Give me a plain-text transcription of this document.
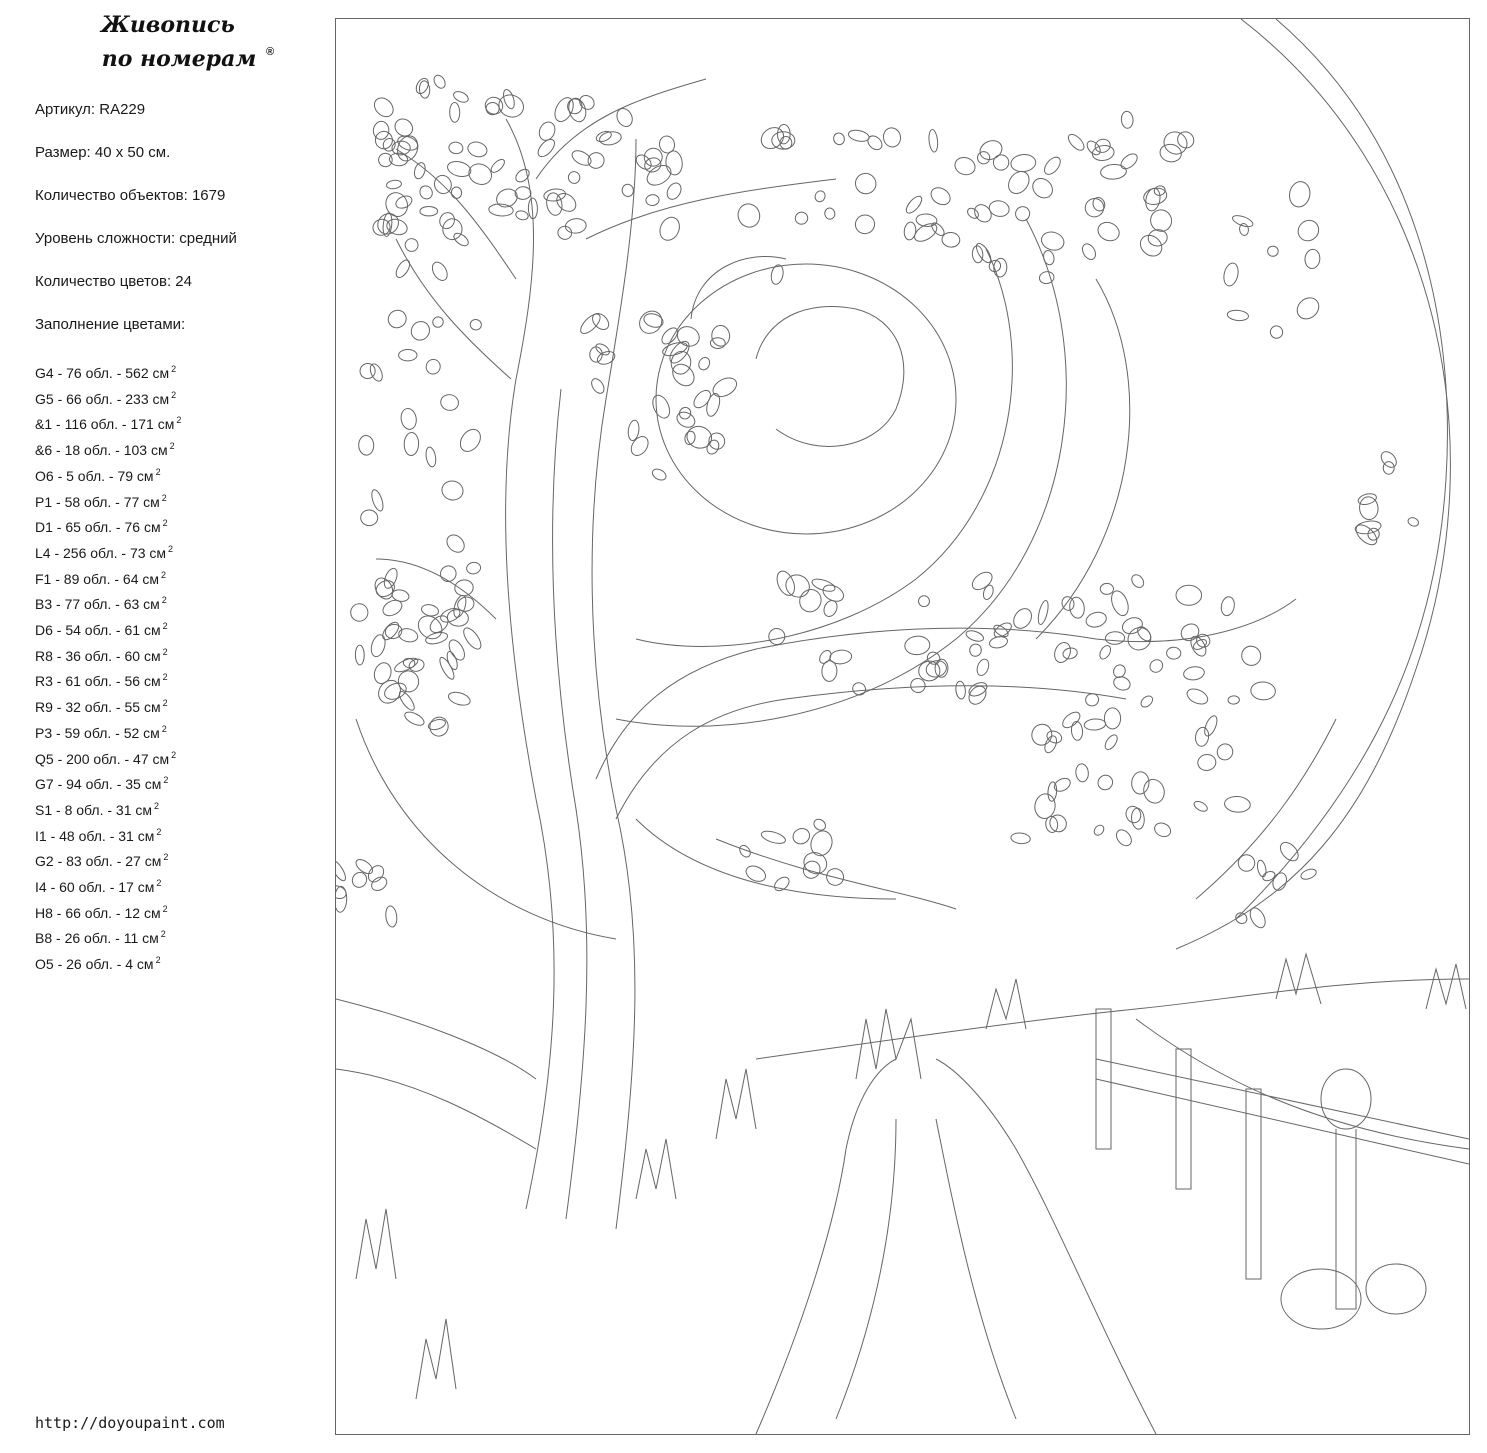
Живопись
по номерам ®

Артикул: RA229

Размер: 40 х 50 см.

Количество объектов: 1679

Уровень сложности: средний

Количество цветов: 24

Заполнение цветами:

G4 - 76 обл. - 562 см $^2$
G5 - 66 обл. - 233 см $^2$
&1 - 116 обл. - 171 см $^2$
&6 - 18 обл. - 103 см $^2$
O6 - 5 обл. - 79 см $^2$
P1 - 58 обл. - 77 см $^2$
D1 - 65 обл. - 76 см $^2$
L4 - 256 обл. - 73 см $^2$
F1 - 89 обл. - 64 см $^2$
B3 - 77 обл. - 63 см $^2$
D6 - 54 обл. - 61 см $^2$
R8 - 36 обл. - 60 см $^2$
R3 - 61 обл. - 56 см $^2$
R9 - 32 обл. - 55 см $^2$
P3 - 59 обл. - 52 см $^2$
Q5 - 200 обл. - 47 см $^2$
G7 - 94 обл. - 35 см $^2$
S1 - 8 обл. - 31 см $^2$
I1 - 48 обл. - 31 см $^2$
G2 - 83 обл. - 27 см $^2$
I4 - 60 обл. - 17 см $^2$
H8 - 66 обл. - 12 см $^2$
B8 - 26 обл. - 11 см $^2$
O5 - 26 обл. - 4 см $^2$
http://doyoupaint.com
